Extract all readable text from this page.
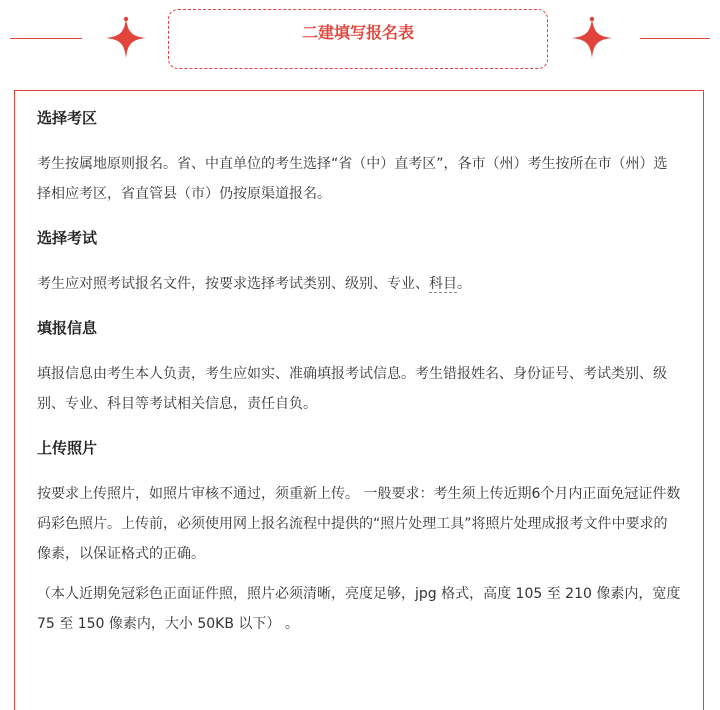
二建填写报名表
选择考区

考生按属地原则报名。省、中直单位的考生选择“省（中）直考区”，各市（州）考生按所在市（州）选择相应考区，省直管县（市）仍按原渠道报名。

选择考试

考生应对照考试报名文件，按要求选择考试类别、级别、专业、科目。

填报信息

填报信息由考生本人负责，考生应如实、准确填报考试信息。考生错报姓名、身份证号、考试类别、级别、专业、科目等考试相关信息，责任自负。

上传照片

按要求上传照片，如照片审核不通过，须重新上传。 一般要求：考生须上传近期6个月内正面免冠证件数码彩色照片。上传前，必须使用网上报名流程中提供的“照片处理工具”将照片处理成报考文件中要求的像素，以保证格式的正确。

（本人近期免冠彩色正面证件照，照片必须清晰，亮度足够，jpg 格式，高度 105 至 210 像素内，宽度 75 至 150 像素内，大小 50KB 以下） 。
